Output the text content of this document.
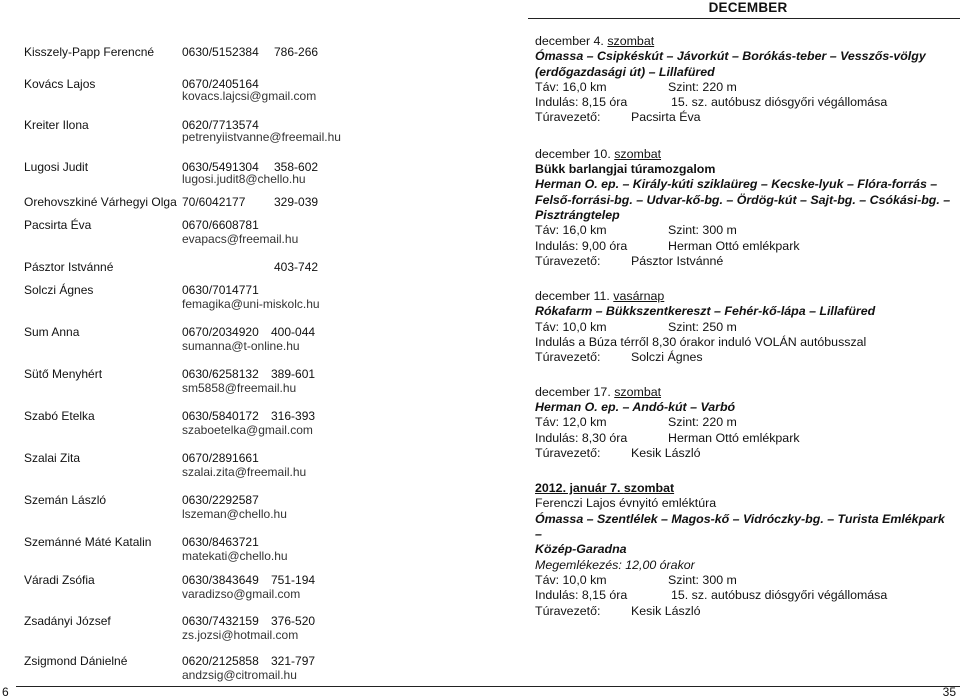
DECEMBER
Kisszely-Papp Ferencné 0630/5152384 786-266
Kovács Lajos	0670/2405164
kovacs.lajcsi@gmail.com
Kreiter Ilona	0620/7713574
petrenyiistvanne@freemail.hu
Lugosi Judit	0630/5491304 358-602
lugosi.judit8@chello.hu
Orehovszkiné Várhegyi Olga 70/6042177 329-039
Pacsirta Éva	0670/6608781
evapacs@freemail.hu
Pásztor Istvánné	403-742
Solczi Ágnes	0630/7014771
femagika@uni-miskolc.hu
Sum Anna	0670/2034920 400-044
sumanna@t-online.hu
Sütő Menyhért	0630/6258132 389-601
sm5858@freemail.hu
Szabó Etelka	0630/5840172 316-393
szaboetelka@gmail.com
Szalai Zita	0670/2891661
szalai.zita@freemail.hu
Szemán László	0630/2292587
lszeman@chello.hu
Szemánné Máté Katalin	0630/8463721
matekati@chello.hu
Váradi Zsófia	0630/3843649 751-194
varadizso@gmail.com
Zsadányi József	0630/7432159 376-520
zs.jozsi@hotmail.com
Zsigmond Dánielné	0620/2125858 321-797
andzsig@citromail.hu
december 4. szombat
Ómassa – Csipkéskút – Jávorkút – Borókás-teber – Vesszős-völgy
(erdőgazdasági út) – Lillafüred
Táv: 16,0 km	Szint: 220 m
Indulás: 8,15 óra	15. sz. autóbusz diósgyőri végállomása
Túravezető: Pacsirta Éva
december 10. szombat
Bükk barlangjai túramozgalom
Herman O. ep. – Király-kúti sziklaüreg – Kecske-lyuk – Flóra-forrás –
Felső-forrási-bg. – Udvar-kő-bg. – Ördög-kút – Sajt-bg. – Csókási-bg. –
Pisztrángtelep
Táv: 16,0 km	Szint: 300 m
Indulás: 9,00 óra	Herman Ottó emlékpark
Túravezető: Pásztor Istvánné
december 11. vasárnap
Rókafarm – Bükkszentkereszt – Fehér-kő-lápa – Lillafüred
Táv: 10,0 km	Szint: 250 m
Indulás a Búza térről 8,30 órakor induló VOLÁN autóbusszal
Túravezető: Solczi Ágnes
december 17. szombat
Herman O. ep. – Andó-kút – Varbó
Táv: 12,0 km	Szint: 220 m
Indulás: 8,30 óra	Herman Ottó emlékpark
Túravezető: Kesik László
2012. január 7. szombat
Ferenczi Lajos évnyitó emléktúra
Ómassa – Szentlélek – Magos-kő – Vidróczky-bg. – Turista Emlékpark –
Közép-Garadna
Megemlékezés: 12,00 órakor
Táv: 10,0 km	Szint: 300 m
Indulás: 8,15 óra	15. sz. autóbusz diósgyőri végállomása
Túravezető: Kesik László
6	35
